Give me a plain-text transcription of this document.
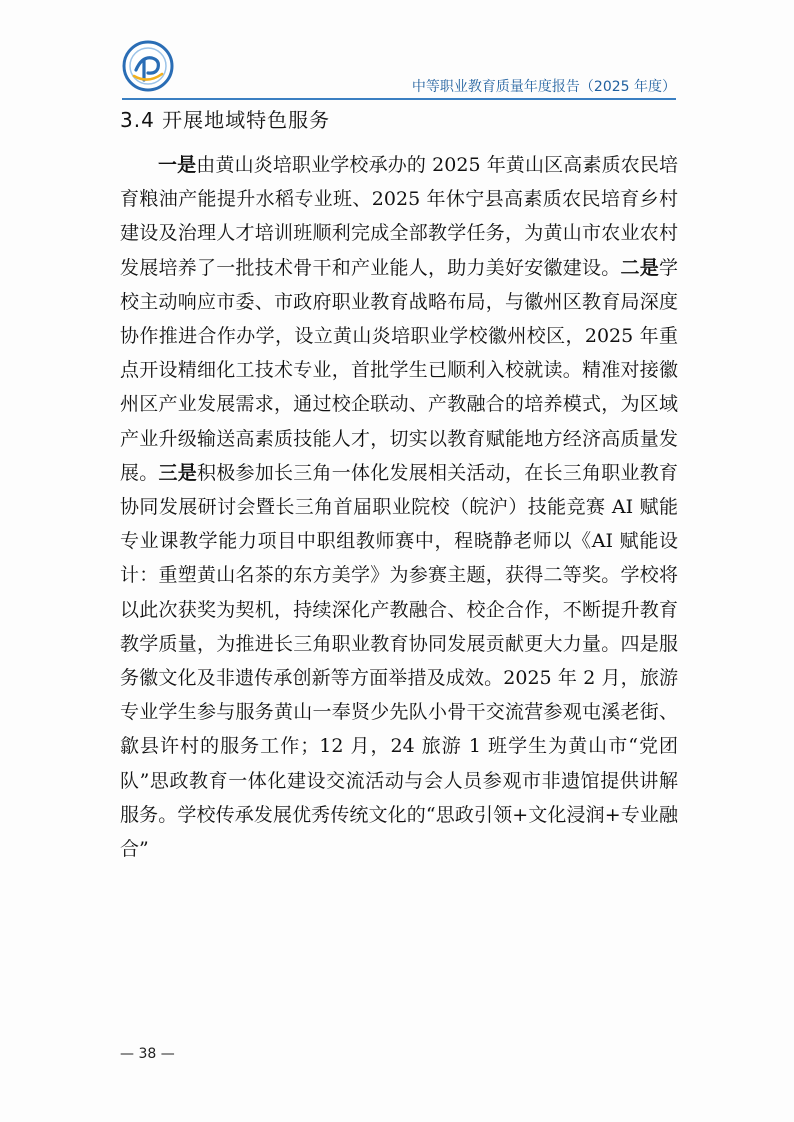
中等职业教育质量年度报告（2025 年度）
3.4 开展地域特色服务

一是由黄山炎培职业学校承办的 2025 年黄山区高素质农民培育粮油产能提升水稻专业班、2025 年休宁县高素质农民培育乡村建设及治理人才培训班顺利完成全部教学任务，为黄山市农业农村发展培养了一批技术骨干和产业能人，助力美好安徽建设。二是学校主动响应市委、市政府职业教育战略布局，与徽州区教育局深度协作推进合作办学，设立黄山炎培职业学校徽州校区，2025 年重点开设精细化工技术专业，首批学生已顺利入校就读。精准对接徽州区产业发展需求，通过校企联动、产教融合的培养模式，为区域产业升级输送高素质技能人才，切实以教育赋能地方经济高质量发展。三是积极参加长三角一体化发展相关活动，在长三角职业教育协同发展研讨会暨长三角首届职业院校（皖沪）技能竞赛 AI 赋能专业课教学能力项目中职组教师赛中，程晓静老师以《AI 赋能设计：重塑黄山名茶的东方美学》为参赛主题，获得二等奖。学校将以此次获奖为契机，持续深化产教融合、校企合作，不断提升教育教学质量，为推进长三角职业教育协同发展贡献更大力量。四是服务徽文化及非遗传承创新等方面举措及成效。2025 年 2 月，旅游专业学生参与服务黄山一奉贤少先队小骨干交流营参观屯溪老街、歙县许村的服务工作；12 月，24 旅游 1 班学生为黄山市“党团队”思政教育一体化建设交流活动与会人员参观市非遗馆提供讲解服务。学校传承发展优秀传统文化的“思政引领+文化浸润+专业融合”

— 38 —
